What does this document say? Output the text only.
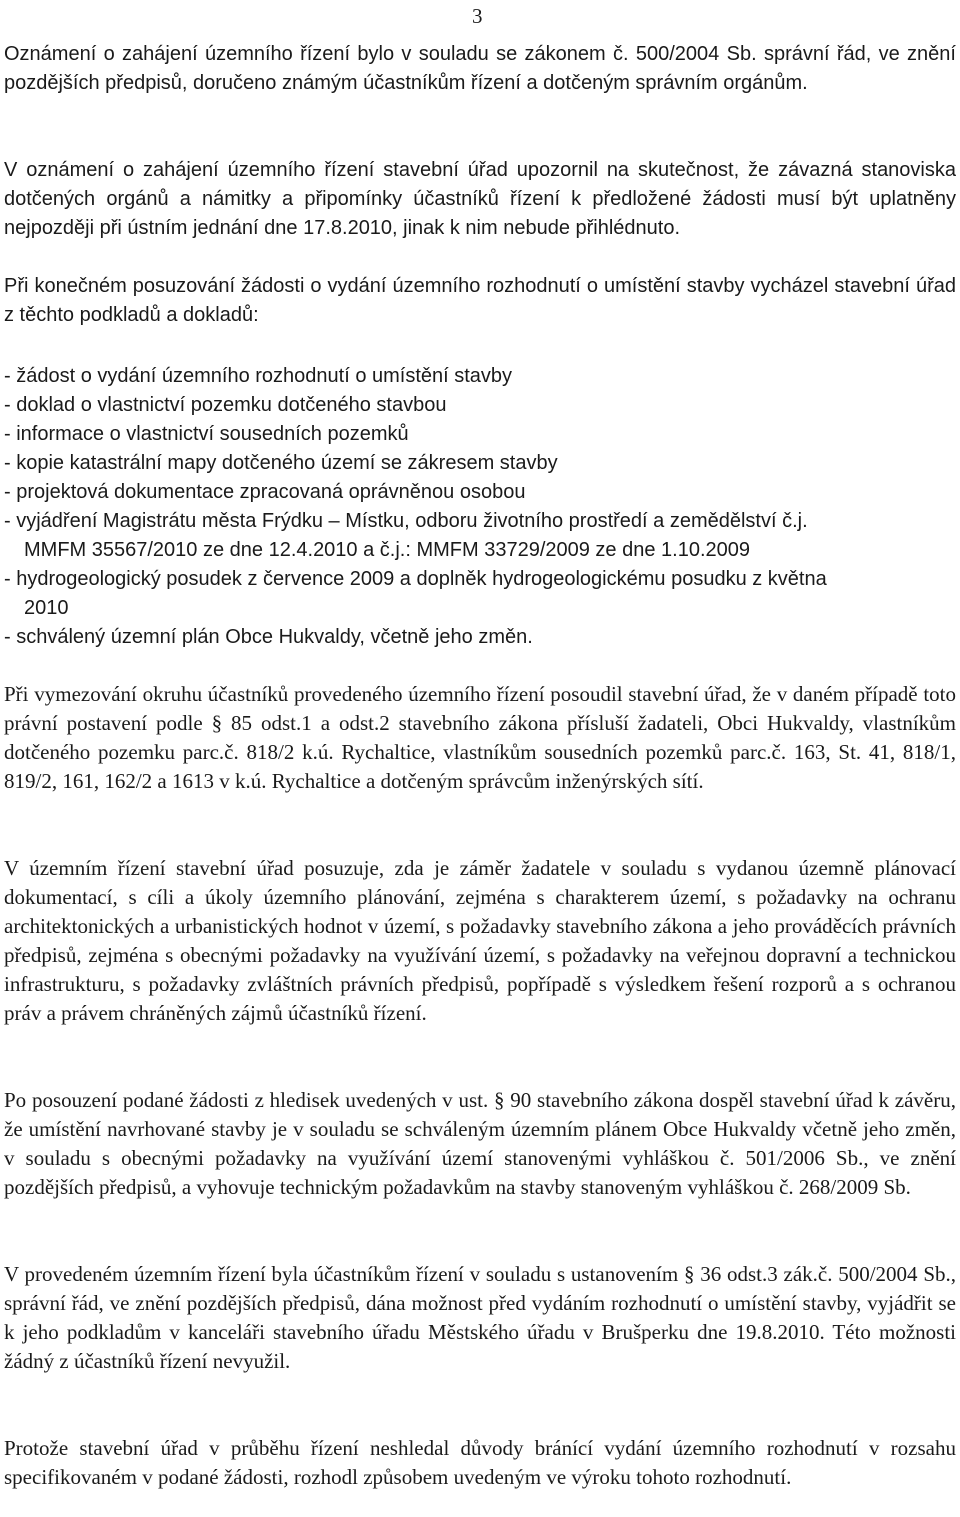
3

Oznámení o zahájení územního řízení bylo v souladu se zákonem č. 500/2004 Sb. správní řád, ve znění pozdějších předpisů, doručeno známým účastníkům řízení a dotčeným správním orgánům.

V oznámení o zahájení územního řízení stavební úřad upozornil na skutečnost, že závazná stanoviska dotčených orgánů a námitky a připomínky účastníků řízení k předložené žádosti musí být uplatněny nejpozději při ústním jednání dne 17.8.2010, jinak k nim nebude přihlédnuto.

Při konečném posuzování žádosti o vydání územního rozhodnutí o umístění stavby vycházel stavební úřad z těchto podkladů a dokladů:

- žádost o vydání územního rozhodnutí o umístění stavby
- doklad o vlastnictví pozemku dotčeného stavbou
- informace o vlastnictví sousedních pozemků
- kopie katastrální mapy dotčeného území se zákresem stavby
- projektová dokumentace zpracovaná oprávněnou osobou
- vyjádření Magistrátu města Frýdku – Místku, odboru životního prostředí a zemědělství č.j.
MMFM 35567/2010 ze dne 12.4.2010 a č.j.: MMFM 33729/2009 ze dne 1.10.2009
- hydrogeologický posudek z července 2009 a doplněk hydrogeologickému posudku z května
2010
- schválený územní plán Obce Hukvaldy, včetně jeho změn.

Při vymezování okruhu účastníků provedeného územního řízení posoudil stavební úřad, že v daném případě toto právní postavení podle § 85 odst.1 a odst.2 stavebního zákona přísluší žadateli, Obci Hukvaldy, vlastníkům dotčeného pozemku parc.č. 818/2 k.ú. Rychaltice, vlastníkům sousedních pozemků parc.č. 163, St. 41, 818/1, 819/2, 161, 162/2 a 1613 v k.ú. Rychaltice a dotčeným správcům inženýrských sítí.

V územním řízení stavební úřad posuzuje, zda je záměr žadatele v souladu s vydanou územně plánovací dokumentací, s cíli a úkoly územního plánování, zejména s charakterem území, s požadavky na ochranu architektonických a urbanistických hodnot v území, s požadavky stavebního zákona a jeho prováděcích právních předpisů, zejména s obecnými požadavky na využívání území, s požadavky na veřejnou dopravní a technickou infrastrukturu, s požadavky zvláštních právních předpisů, popřípadě s výsledkem řešení rozporů a s ochranou práv a právem chráněných zájmů účastníků řízení.

Po posouzení podané žádosti z hledisek uvedených v ust. § 90 stavebního zákona dospěl stavební úřad k závěru, že umístění navrhované stavby je v souladu se schváleným územním plánem Obce Hukvaldy včetně jeho změn, v souladu s obecnými požadavky na využívání území stanovenými vyhláškou č. 501/2006 Sb., ve znění pozdějších předpisů, a vyhovuje technickým požadavkům na stavby stanoveným vyhláškou č. 268/2009 Sb.

V provedeném územním řízení byla účastníkům řízení v souladu s ustanovením § 36 odst.3 zák.č. 500/2004 Sb., správní řád, ve znění pozdějších předpisů, dána možnost před vydáním rozhodnutí o umístění stavby, vyjádřit se k jeho podkladům v kanceláři stavebního úřadu Městského úřadu v Brušperku dne 19.8.2010. Této možnosti žádný z účastníků řízení nevyužil.

Protože stavební úřad v průběhu řízení neshledal důvody bránící vydání územního rozhodnutí v rozsahu specifikovaném v podané žádosti, rozhodl způsobem uvedeným ve výroku tohoto rozhodnutí.
